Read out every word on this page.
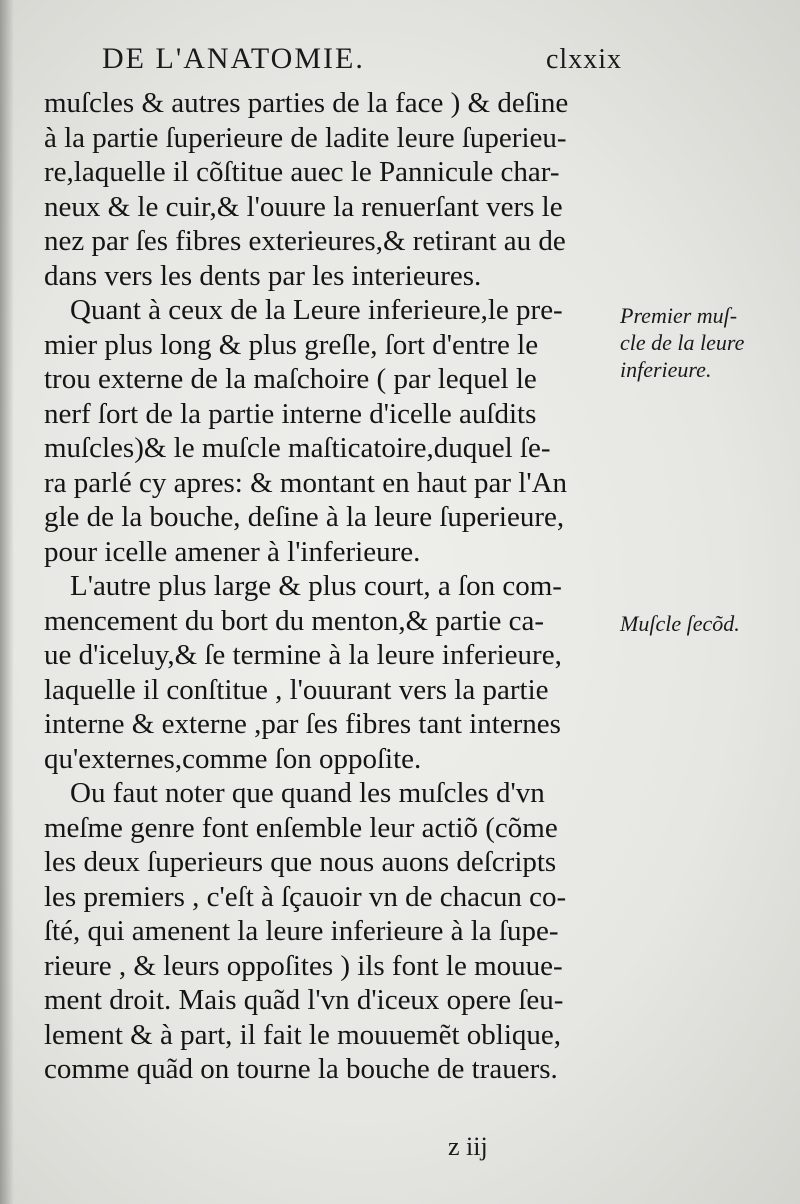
DE L'ANATOMIE.	clxxix
muſcles & autres parties de la face ) & deſine
à la partie ſuperieure de ladite leure ſuperieu-
re,laquelle il cõſtitue auec le Pannicule char-
neux & le cuir,& l'ouure la renuerſant vers le
nez par ſes fibres exterieures,& retirant au de
dans vers les dents par les interieures.
Quant à ceux de la Leure inferieure,le pre-
mier plus long & plus greſle, ſort d'entre le
trou externe de la maſchoire ( par lequel le
nerf ſort de la partie interne d'icelle auſdits
muſcles)& le muſcle maſticatoire,duquel ſe-
ra parlé cy apres: & montant en haut par l'An
gle de la bouche, deſine à la leure ſuperieure,
pour icelle amener à l'inferieure.
L'autre plus large & plus court, a ſon com-
mencement du bort du menton,& partie ca-
ue d'iceluy,& ſe termine à la leure inferieure,
laquelle il conſtitue , l'ouurant vers la partie
interne & externe ,par ſes fibres tant internes
qu'externes,comme ſon oppoſite.
Ou faut noter que quand les muſcles d'vn
meſme genre font enſemble leur actiõ (cõme
les deux ſuperieurs que nous auons deſcripts
les premiers , c'eſt à ſçauoir vn de chacun co-
ſté, qui amenent la leure inferieure à la ſupe-
rieure , & leurs oppoſites ) ils font le mouue-
ment droit. Mais quãd l'vn d'iceux opere ſeu-
lement & à part, il fait le mouuemẽt oblique,
comme quãd on tourne la bouche de trauers.
Premier muſ-
cle de la leure
inferieure.
Muſcle ſecõd.
z iij
